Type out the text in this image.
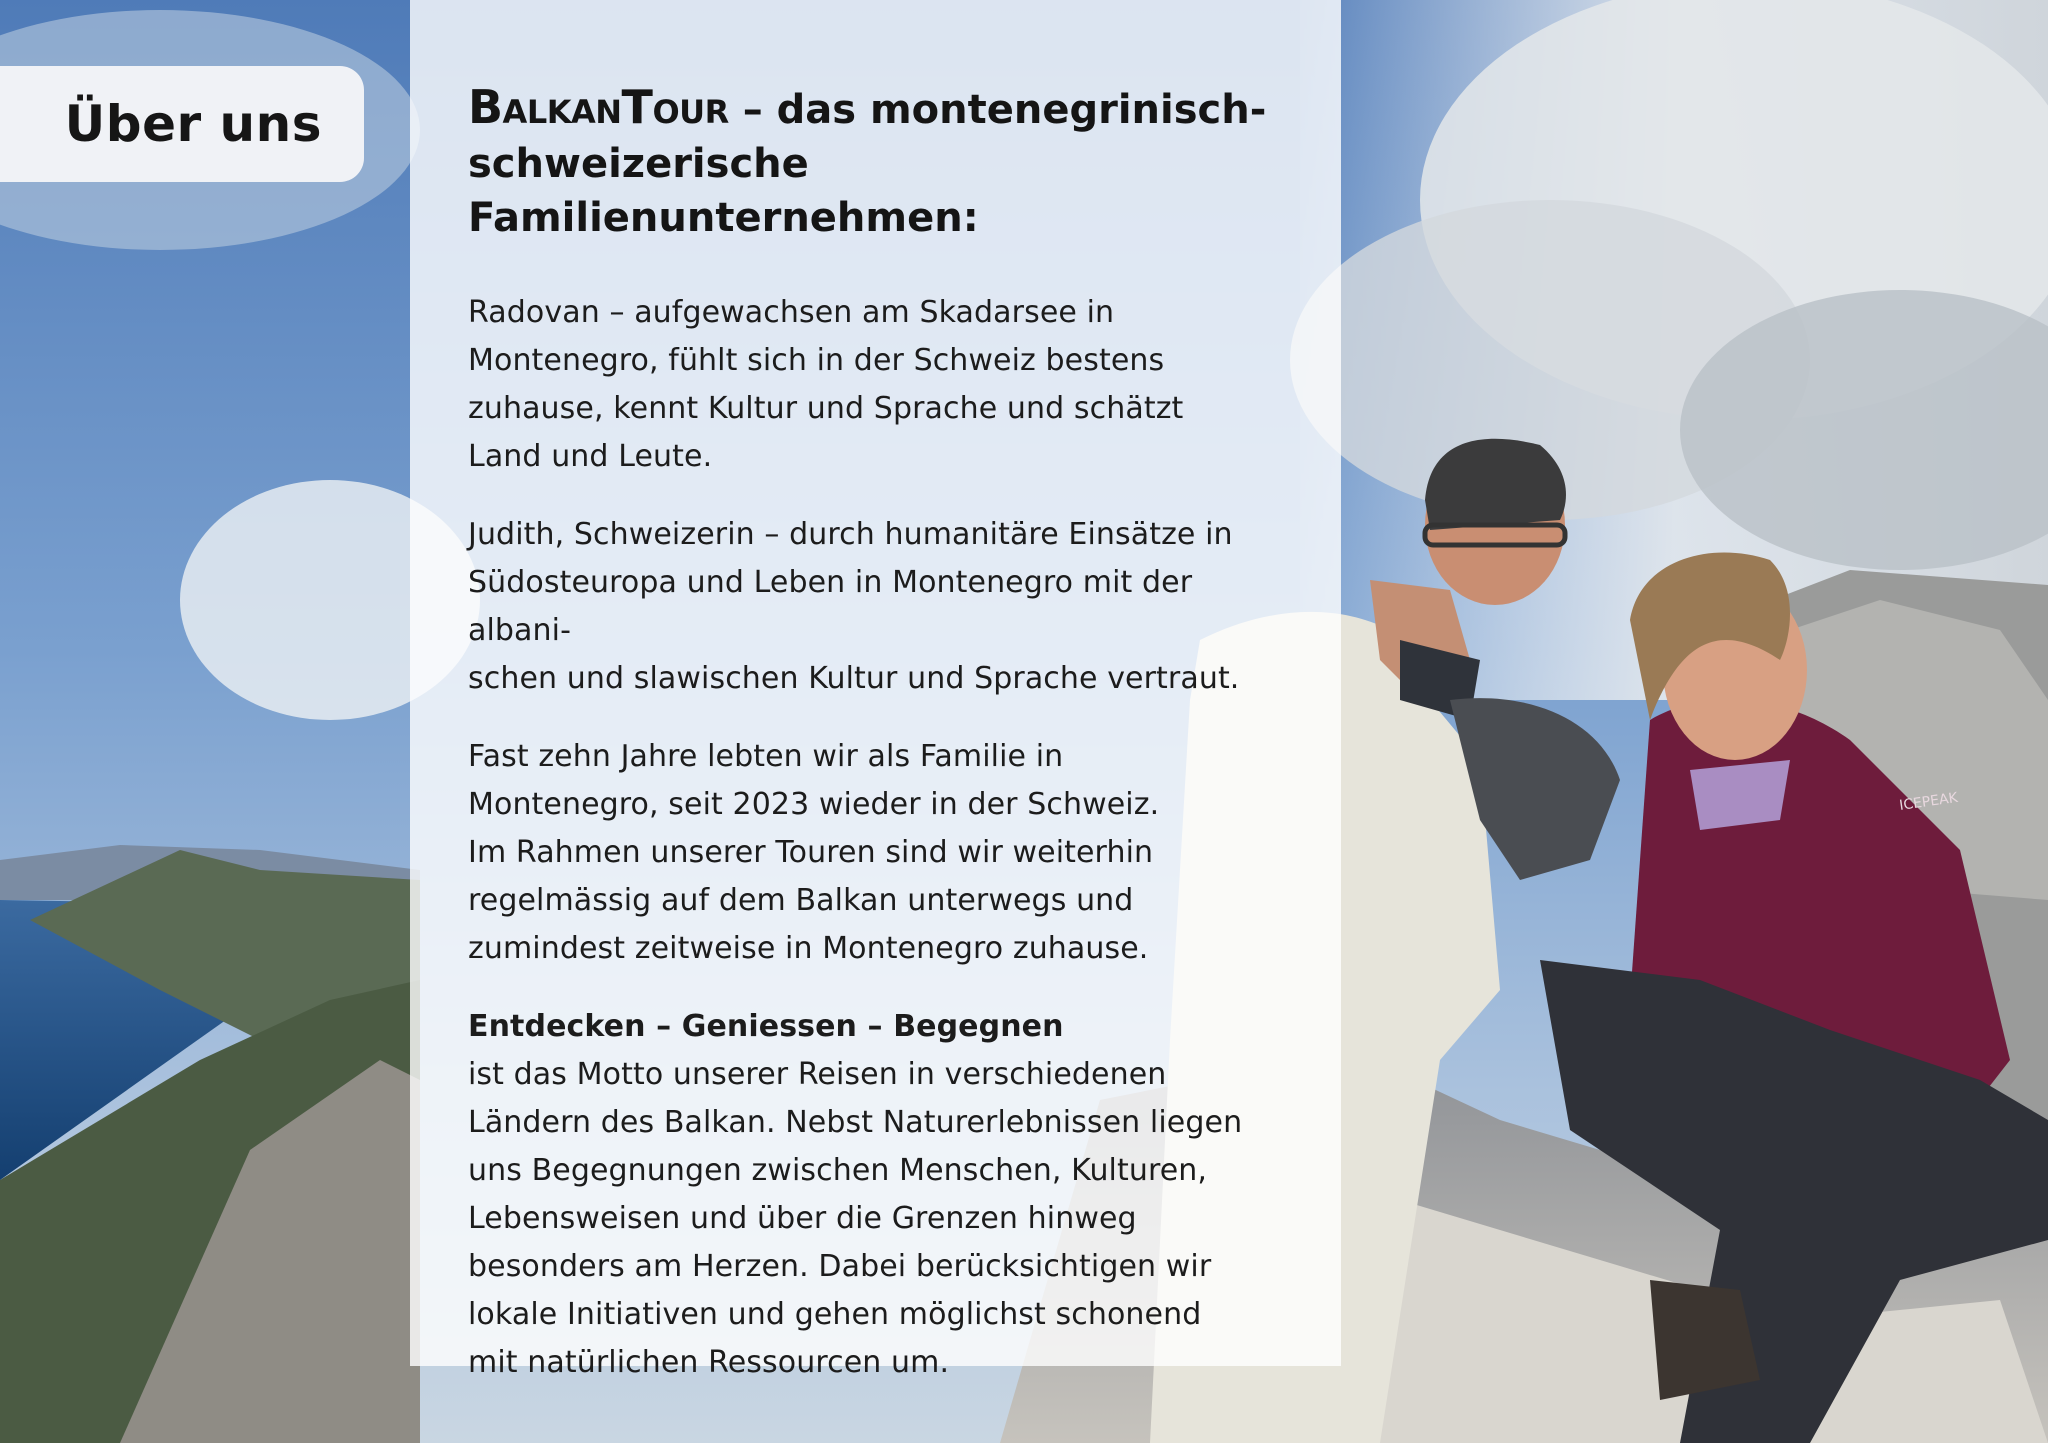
ICEPEAK
Über uns	BalkanTour – das montenegrinisch-schweizerische Familienunternehmen:

Radovan – aufgewachsen am Skadarsee in
Montenegro, fühlt sich in der Schweiz bestens
zuhause, kennt Kultur und Sprache und schätzt
Land und Leute.

Judith, Schweizerin – durch humanitäre Einsätze in
Südosteuropa und Leben in Montenegro mit der albani-
schen und slawischen Kultur und Sprache vertraut.

Fast zehn Jahre lebten wir als Familie in
Montenegro, seit 2023 wieder in der Schweiz.
Im Rahmen unserer Touren sind wir weiterhin
regelmässig auf dem Balkan unterwegs und
zumindest zeitweise in Montenegro zuhause.

Entdecken – Geniessen – Begegnen
ist das Motto unserer Reisen in verschiedenen
Ländern des Balkan. Nebst Naturerlebnissen liegen
uns Begegnungen zwischen Menschen, Kulturen,
Lebensweisen und über die Grenzen hinweg
besonders am Herzen. Dabei berücksichtigen wir
lokale Initiativen und gehen möglichst schonend
mit natürlichen Ressourcen um.
